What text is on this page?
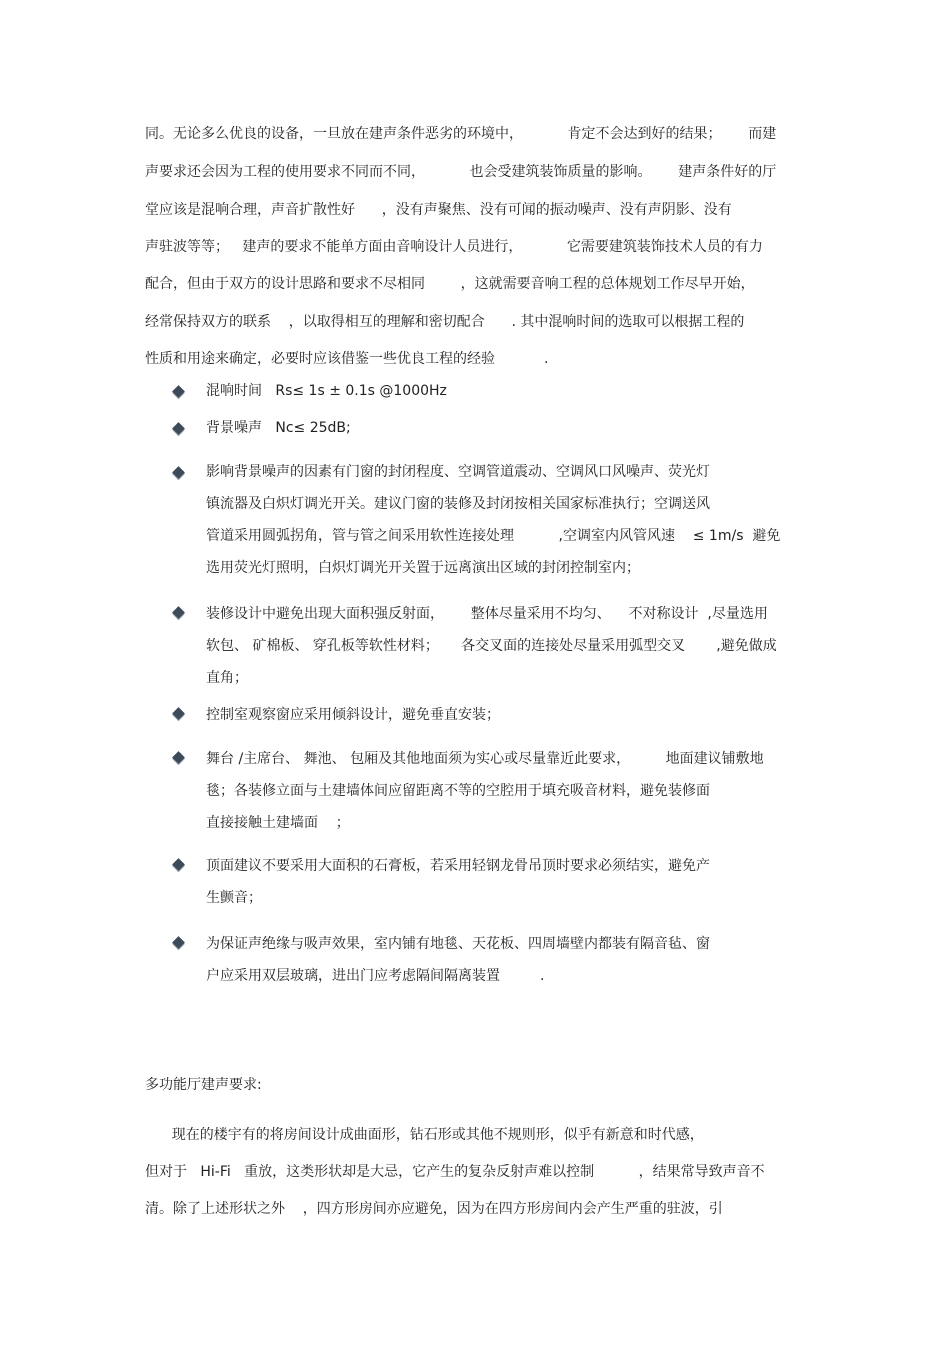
同。无论多么优良的设备，一旦放在建声条件恶劣的环境中，          肯定不会达到好的结果；      而建
声要求还会因为工程的使用要求不同而不同，          也会受建筑装饰质量的影响。      建声条件好的厅
堂应该是混响合理，声音扩散性好      ，没有声聚焦、没有可闻的振动噪声、没有声阴影、没有
声驻波等等；   建声的要求不能单方面由音响设计人员进行，          它需要建筑装饰技术人员的有力
配合，但由于双方的设计思路和要求不尽相同        ，这就需要音响工程的总体规划工作尽早开始，
经常保持双方的联系    ，以取得相互的理解和密切配合      . 其中混响时间的选取可以根据工程的
性质和用途来确定，必要时应该借鉴一些优良工程的经验           .
混响时间   Rs≤ 1s ± 0.1s @1000Hz
背景噪声   Nc≤ 25dB;
影响背景噪声的因素有门窗的封闭程度、空调管道震动、空调风口风噪声、荧光灯
镇流器及白炽灯调光开关。建议门窗的装修及封闭按相关国家标准执行；空调送风
管道采用圆弧拐角，管与管之间采用软性连接处理          ,空调室内风管风速    ≤ 1m/s  避免
选用荧光灯照明，白炽灯调光开关置于远离演出区域的封闭控制室内；
装修设计中避免出现大面积强反射面，      整体尽量采用不均匀、    不对称设计  ,尽量选用
软包、 矿棉板、 穿孔板等软性材料；     各交叉面的连接处尽量采用弧型交叉       ,避免做成
直角；
控制室观察窗应采用倾斜设计，避免垂直安装；
舞台 /主席台、 舞池、 包厢及其他地面须为实心或尽量靠近此要求，        地面建议铺敷地
毯；各装修立面与土建墙体间应留距离不等的空腔用于填充吸音材料，避免装修面
直接接触土建墙面    ；
顶面建议不要采用大面积的石膏板，若采用轻钢龙骨吊顶时要求必须结实，避免产
生颤音；
为保证声绝缘与吸声效果，室内铺有地毯、天花板、四周墙壁内都装有隔音毡、窗
户应采用双层玻璃，进出门应考虑隔间隔离装置         .
多功能厅建声要求:
现在的楼宇有的将房间设计成曲面形，钻石形或其他不规则形，似乎有新意和时代感，
但对于   Hi-Fi   重放，这类形状却是大忌，它产生的复杂反射声难以控制          ，结果常导致声音不
清。除了上述形状之外    ，四方形房间亦应避免，因为在四方形房间内会产生严重的驻波，引
